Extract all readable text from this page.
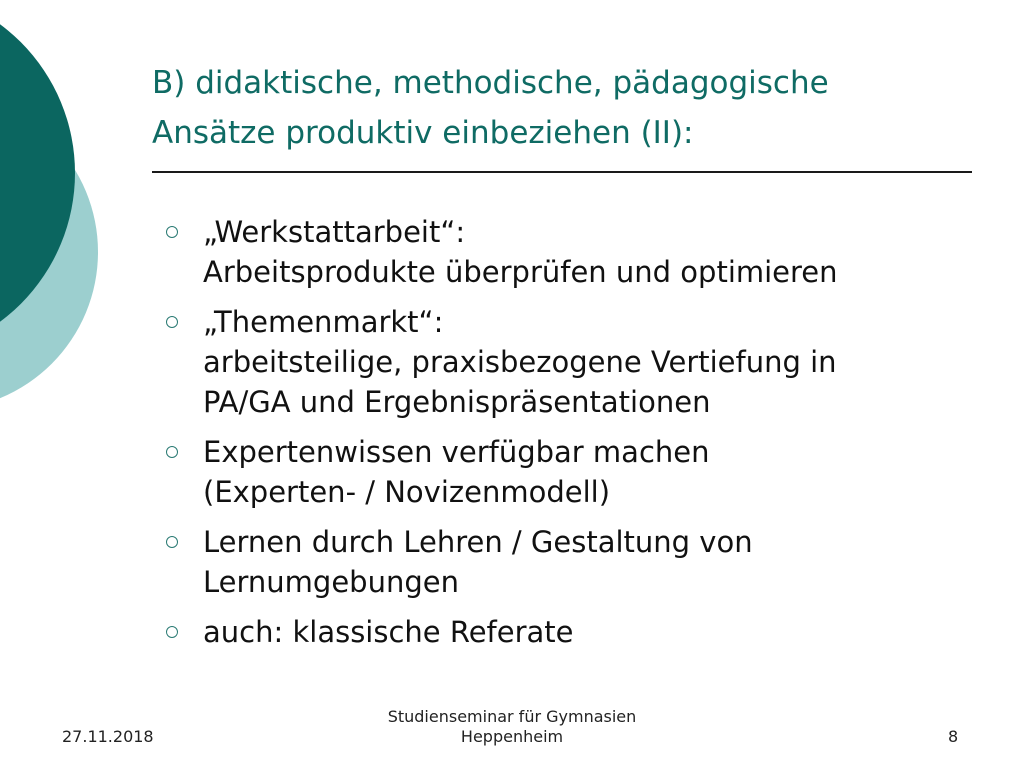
B) didaktische, methodische, pädagogische
Ansätze produktiv einbeziehen (II):
„Werkstattarbeit“:
Arbeitsprodukte überprüfen und optimieren
„Themenmarkt“:
arbeitsteilige, praxisbezogene Vertiefung in
PA/GA und Ergebnispräsentationen
Expertenwissen verfügbar machen
(Experten- / Novizenmodell)
Lernen durch Lehren / Gestaltung von
Lernumgebungen
auch: klassische Referate
27.11.2018
Studienseminar für Gymnasien
Heppenheim	8
